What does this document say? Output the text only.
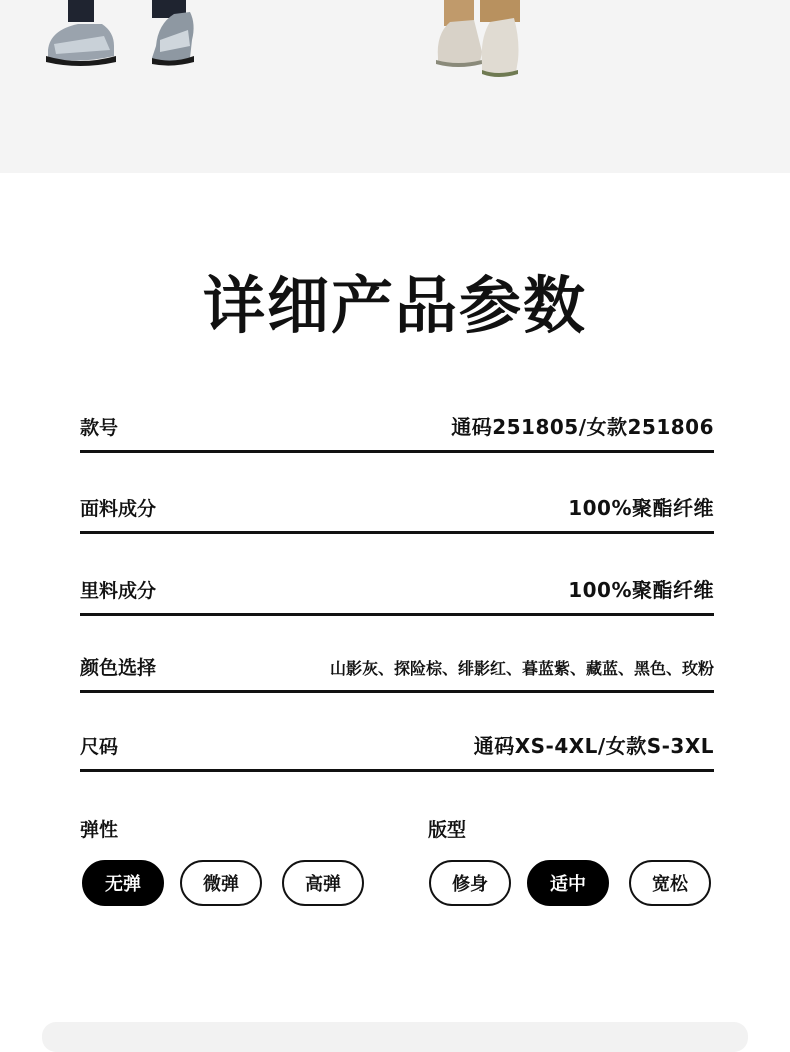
详细产品参数
款号	通码251805/女款251806
面料成分	100%聚酯纤维
里料成分	100%聚酯纤维
颜色选择	山影灰、探险棕、绯影红、暮蓝紫、藏蓝、黑色、玫粉
尺码	通码XS-4XL/女款S-3XL
弹性
无弹	微弹	高弹
版型
修身	适中	宽松
